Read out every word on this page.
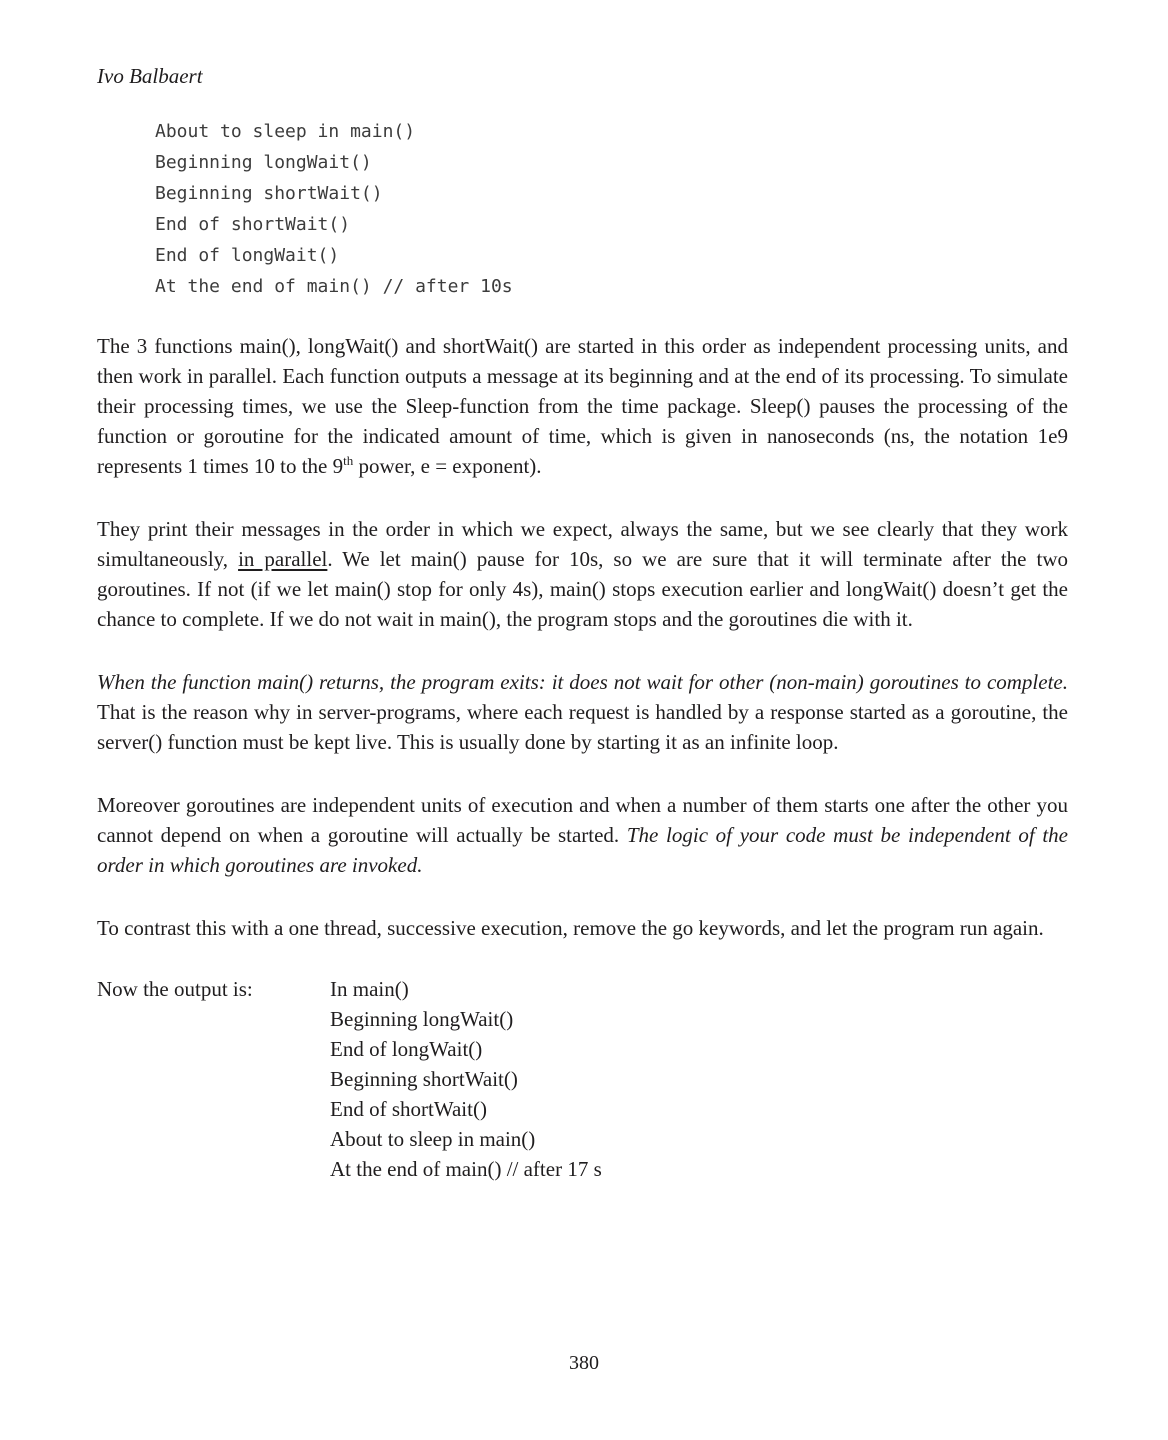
Ivo Balbaert
About to sleep in main()
Beginning longWait()
Beginning shortWait()
End of shortWait()
End of longWait()
At the end of main() // after 10s

The 3 functions main(), longWait() and shortWait() are started in this order as independent processing units, and then work in parallel. Each function outputs a message at its beginning and at the end of its processing. To simulate their processing times, we use the Sleep-function from the time package. Sleep() pauses the processing of the function or goroutine for the indicated amount of time, which is given in nanoseconds (ns, the notation 1e9 represents 1 times 10 to the 9th power, e = exponent).

They print their messages in the order in which we expect, always the same, but we see clearly that they work simultaneously, in parallel. We let main() pause for 10s, so we are sure that it will terminate after the two goroutines. If not (if we let main() stop for only 4s), main() stops execution earlier and longWait() doesn’t get the chance to complete. If we do not wait in main(), the program stops and the goroutines die with it.

When the function main() returns, the program exits: it does not wait for other (non-main) goroutines to complete. That is the reason why in server-programs, where each request is handled by a response started as a goroutine, the server() function must be kept live. This is usually done by starting it as an infinite loop.

Moreover goroutines are independent units of execution and when a number of them starts one after the other you cannot depend on when a goroutine will actually be started. The logic of your code must be independent of the order in which goroutines are invoked.

To contrast this with a one thread, successive execution, remove the go keywords, and let the program run again.

Now the output is:	In main()
Beginning longWait()
End of longWait()
Beginning shortWait()
End of shortWait()
About to sleep in main()
At the end of main() // after 17 s
380
